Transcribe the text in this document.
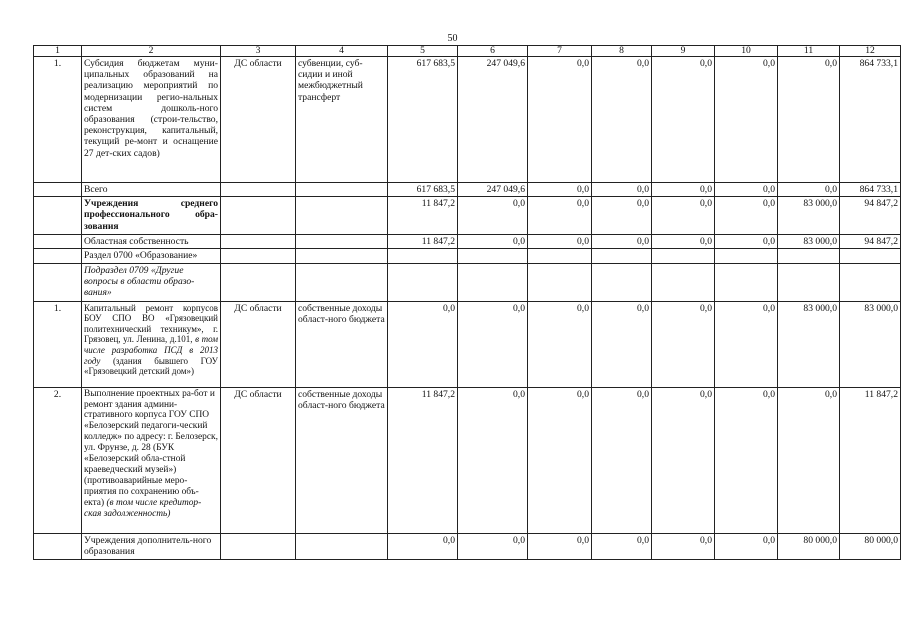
50
1	2	3	4	5	6	7	8	9	10	11	12
1.	Субсидия бюджетам муни-ципальных образований на реализацию мероприятий по модернизации регио-нальных систем дошколь-ного образования (строи-тельство, реконструкция, капитальный, текущий ре-монт и оснащение 27 дет-ских садов)	ДС области	субвенции, суб-сидии и иной межбюджетный трансферт	617 683,5	247 049,6	0,0	0,0	0,0	0,0	0,0	864 733,1
	Всего			617 683,5	247 049,6	0,0	0,0	0,0	0,0	0,0	864 733,1
	Учреждения среднего профессионального обра-зования			11 847,2	0,0	0,0	0,0	0,0	0,0	83 000,0	94 847,2
	Областная собственность			11 847,2	0,0	0,0	0,0	0,0	0,0	83 000,0	94 847,2
	Раздел 0700 «Образование»										
	Подраздел 0709 «Другие вопросы в области образо-вания»										
1.	Капитальный ремонт корпусов БОУ СПО ВО «Грязовецкий политехнический техникум», г. Грязовец, ул. Ленина, д.101, в том числе разработка ПСД в 2013 году (здания бывшего ГОУ «Грязовецкий детский дом»)	ДС области	собственные доходы област-ного бюджета	0,0	0,0	0,0	0,0	0,0	0,0	83 000,0	83 000,0
2.	Выполнение проектных ра-бот и ремонт здания админи-стративного корпуса ГОУ СПО «Белозерский педагоги-ческий колледж» по адресу: г. Белозерск, ул. Фрунзе, д. 28 (БУК «Белозерский обла-стной краеведческий музей») (противоаварийные меро-приятия по сохранению объ-екта) (в том числе кредитор-ская задолженность)	ДС области	собственные доходы област-ного бюджета	11 847,2	0,0	0,0	0,0	0,0	0,0	0,0	11 847,2
	Учреждения дополнитель-ного образования			0,0	0,0	0,0	0,0	0,0	0,0	80 000,0	80 000,0
